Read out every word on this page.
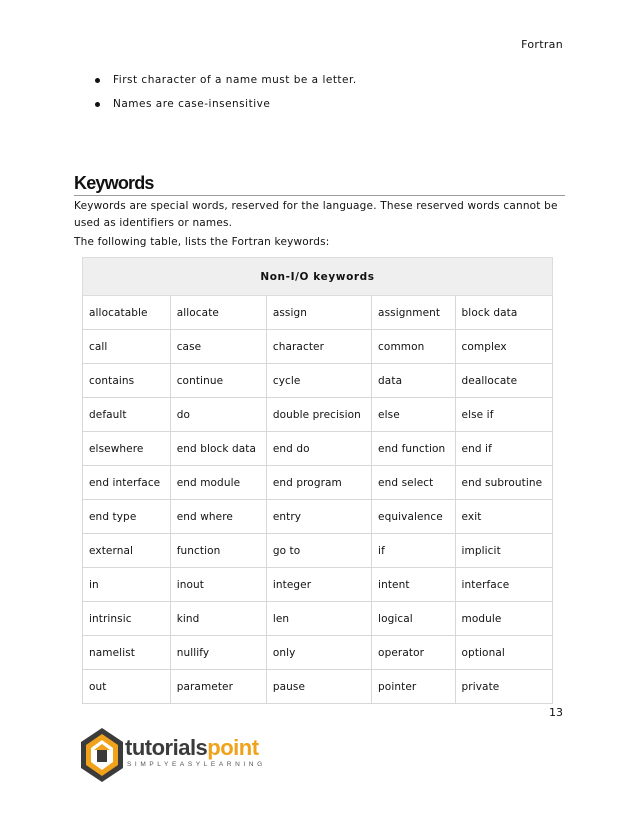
Fortran
First character of a name must be a letter.
Names are case-insensitive
Keywords

Keywords are special words, reserved for the language. These reserved words cannot be used as identifiers or names.

The following table, lists the Fortran keywords:

Non-I/O keywords				
allocatable	allocate	assign	assignment	block data
call	case	character	common	complex
contains	continue	cycle	data	deallocate
default	do	double precision	else	else if
elsewhere	end block data	end do	end function	end if
end interface	end module	end program	end select	end subroutine
end type	end where	entry	equivalence	exit
external	function	go to	if	implicit
in	inout	integer	intent	interface
intrinsic	kind	len	logical	module
namelist	nullify	only	operator	optional
out	parameter	pause	pointer	private
13
tutorialspoint
SIMPLYEASYLEARNING
